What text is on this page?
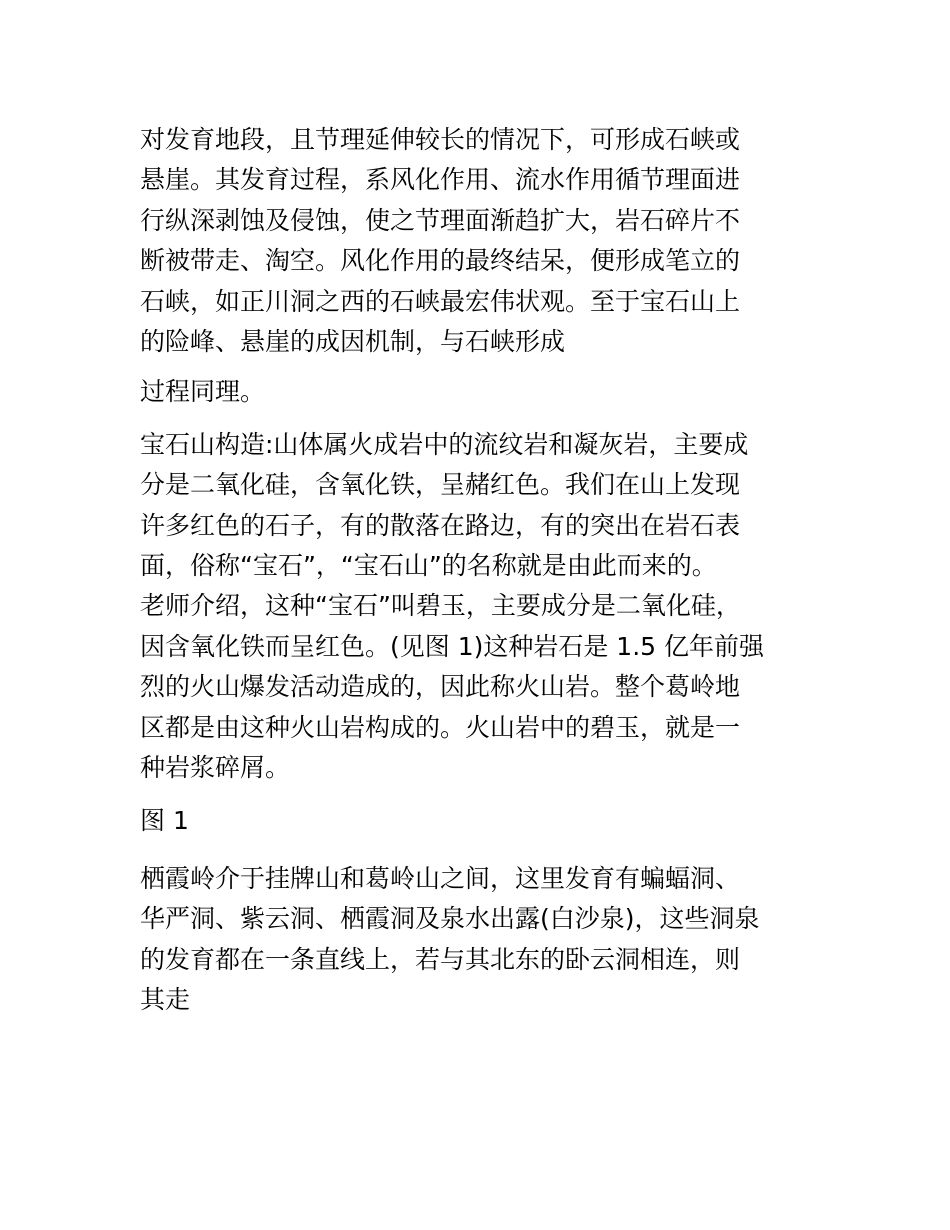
对发育地段，且节理延伸较长的情况下，可形成石峡或
悬崖。其发育过程，系风化作用、流水作用循节理面进
行纵深剥蚀及侵蚀，使之节理面渐趋扩大，岩石碎片不
断被带走、淘空。风化作用的最终结呆，便形成笔立的
石峡，如正川洞之西的石峡最宏伟状观。至于宝石山上
的险峰、悬崖的成因机制，与石峡形成

过程同理。

宝石山构造:山体属火成岩中的流纹岩和凝灰岩，主要成
分是二氧化硅，含氧化铁，呈赭红色。我们在山上发现
许多红色的石子，有的散落在路边，有的突出在岩石表
面，俗称“宝石”，“宝石山”的名称就是由此而来的。
老师介绍，这种“宝石”叫碧玉，主要成分是二氧化硅，
因含氧化铁而呈红色。(见图 1)这种岩石是 1.5 亿年前强
烈的火山爆发活动造成的，因此称火山岩。整个葛岭地
区都是由这种火山岩构成的。火山岩中的碧玉，就是一
种岩浆碎屑。

图 1

栖霞岭介于挂牌山和葛岭山之间，这里发育有蝙蝠洞、
华严洞、紫云洞、栖霞洞及泉水出露(白沙泉)，这些洞泉
的发育都在一条直线上，若与其北东的卧云洞相连，则
其走
